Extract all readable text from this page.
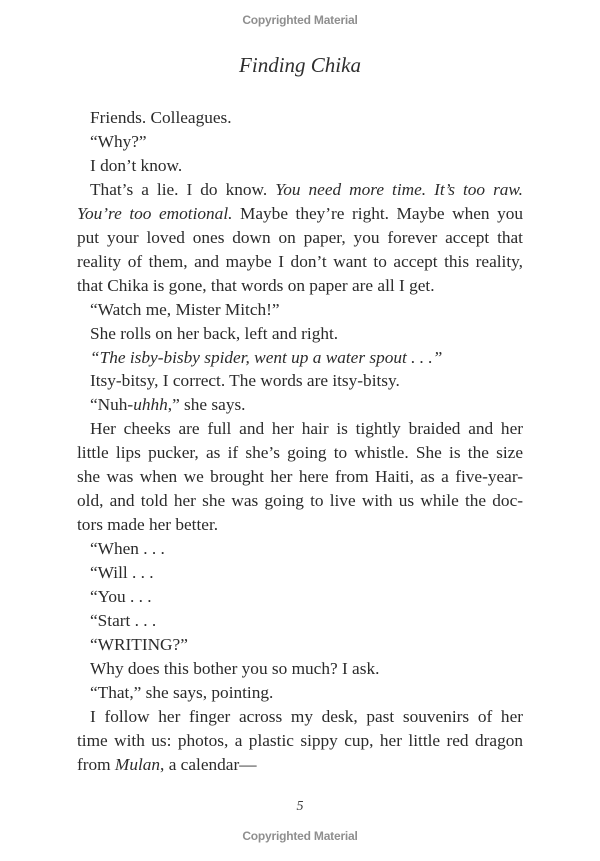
Copyrighted Material
Finding Chika
Friends. Colleagues.
“Why?”
I don’t know.
That’s a lie. I do know. You need more time. It’s too raw.
You’re too emotional. Maybe they’re right. Maybe when you
put your loved ones down on paper, you forever accept that
reality of them, and maybe I don’t want to accept this reality,
that Chika is gone, that words on paper are all I get.
“Watch me, Mister Mitch!”
She rolls on her back, left and right.
“The isby-bisby spider, went up a water spout . . .”
Itsy-bitsy, I correct. The words are itsy-bitsy.
“Nuh-uhhh,” she says.
Her cheeks are full and her hair is tightly braided and her
little lips pucker, as if she’s going to whistle. She is the size
she was when we brought her here from Haiti, as a five-year-
old, and told her she was going to live with us while the doc-
tors made her better.
“When . . .
“Will . . .
“You . . .
“Start . . .
“WRITING?”
Why does this bother you so much? I ask.
“That,” she says, pointing.
I follow her finger across my desk, past souvenirs of her
time with us: photos, a plastic sippy cup, her little red dragon
from Mulan, a calendar—
5
Copyrighted Material
